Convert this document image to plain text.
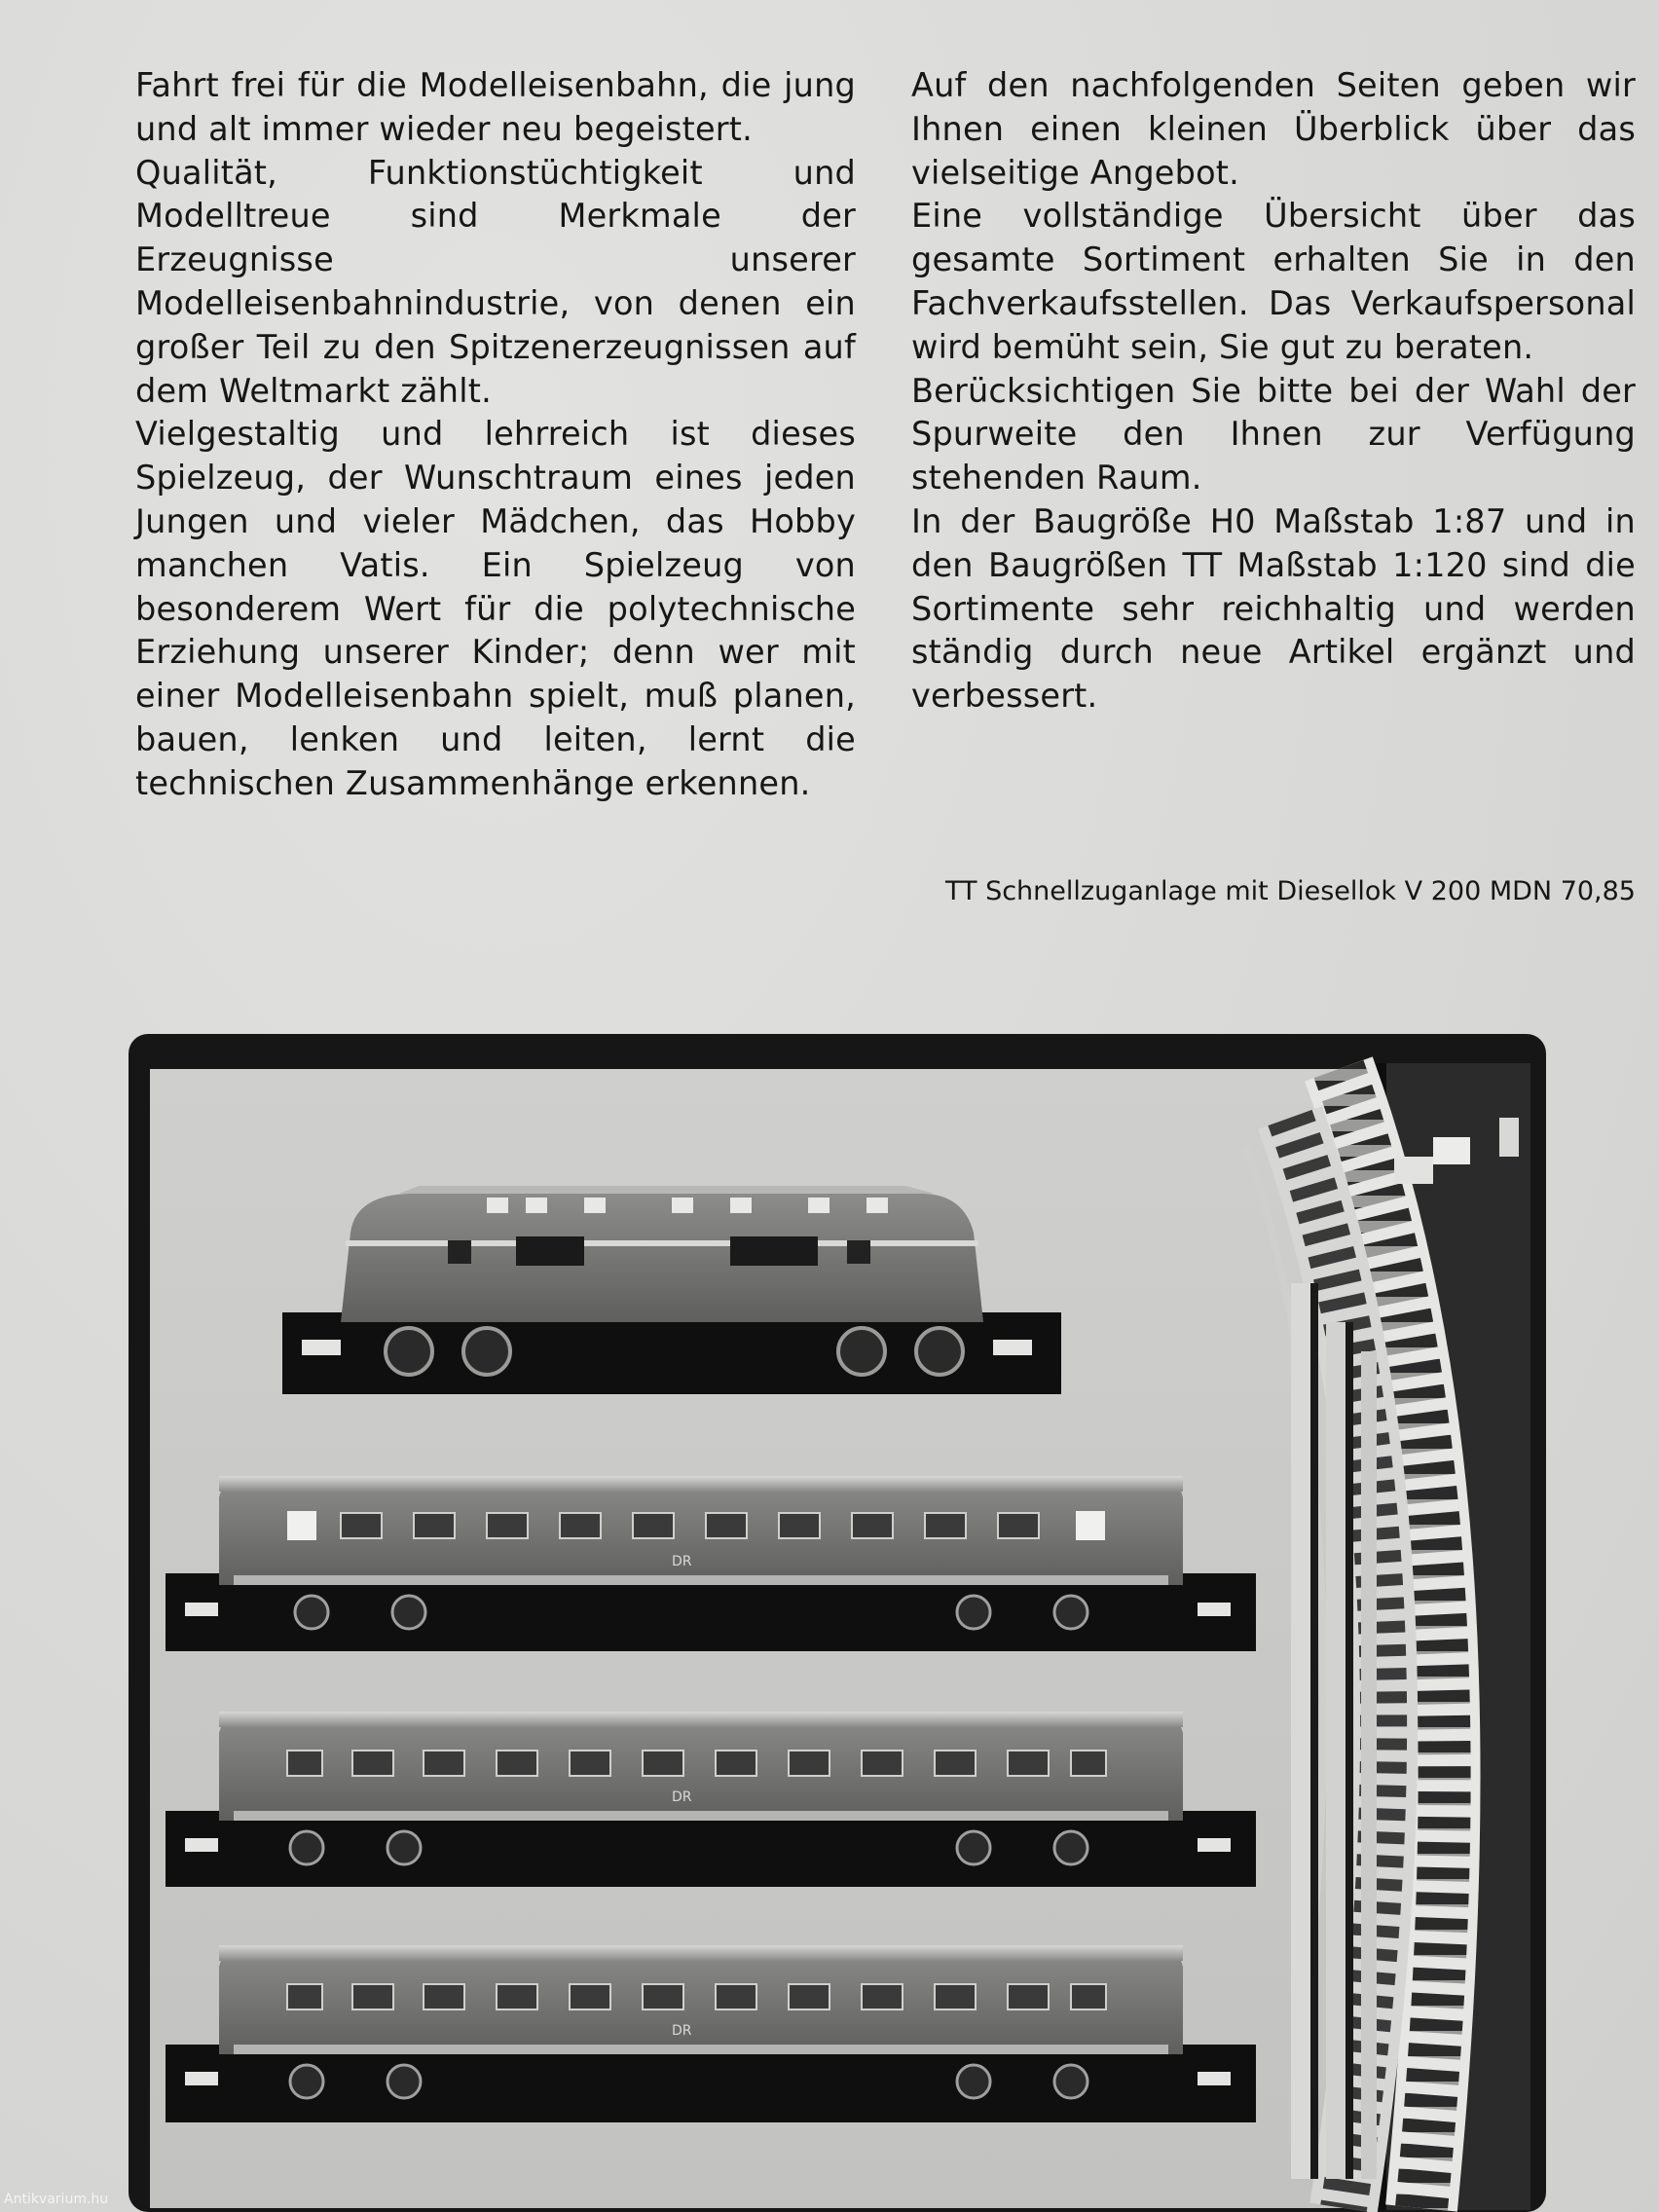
Fahrt frei für die Modelleisenbahn, die jung und alt immer wieder neu begeistert.

Qualität, Funktionstüchtigkeit und Modelltreue sind Merkmale der Erzeugnisse unserer Modelleisenbahnindustrie, von denen ein großer Teil zu den Spitzenerzeugnissen auf dem Weltmarkt zählt.

Vielgestaltig und lehrreich ist dieses Spielzeug, der Wunschtraum eines jeden Jungen und vieler Mädchen, das Hobby manchen Vatis. Ein Spielzeug von besonderem Wert für die polytechnische Erziehung unserer Kinder; denn wer mit einer Modelleisenbahn spielt, muß planen, bauen, lenken und leiten, lernt die technischen Zusammenhänge erkennen.

Auf den nachfolgenden Seiten geben wir Ihnen einen kleinen Überblick über das vielseitige Angebot.

Eine vollständige Übersicht über das gesamte Sortiment erhalten Sie in den Fachverkaufsstellen. Das Verkaufspersonal wird bemüht sein, Sie gut zu beraten.

Berücksichtigen Sie bitte bei der Wahl der Spurweite den Ihnen zur Verfügung stehenden Raum.

In der Baugröße H0 Maßstab 1:87 und in den Baugrößen TT Maßstab 1:120 sind die Sortimente sehr reichhaltig und werden ständig durch neue Artikel ergänzt und verbessert.

TT Schnellzuganlage mit Diesellok V 200 MDN 70,85
DR
DR
DR
Antikvarium.hu
